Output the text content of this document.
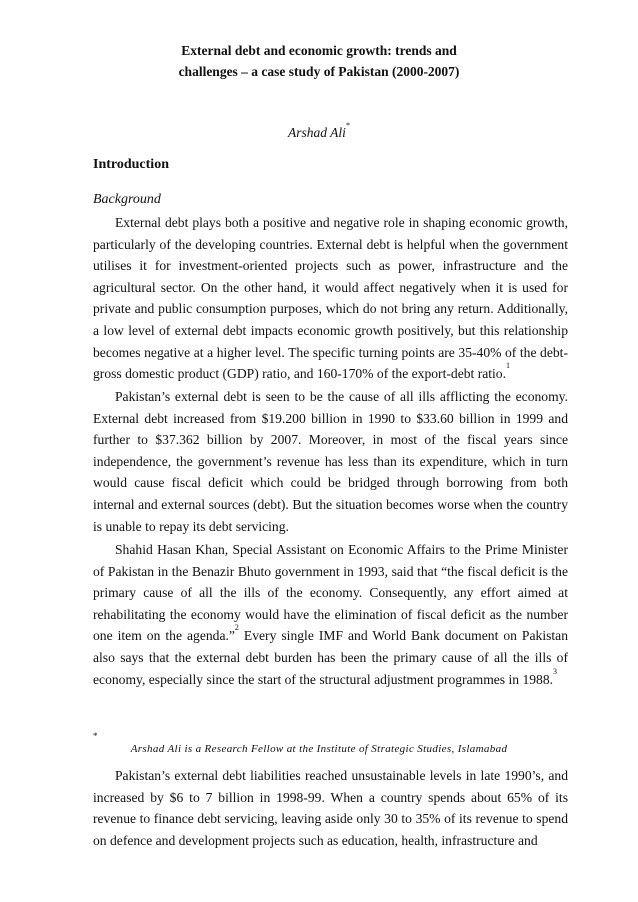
External debt and economic growth: trends and
challenges – a case study of Pakistan (2000-2007)
Arshad Ali*
Introduction
Background

External debt plays both a positive and negative role in shaping economic growth, particularly of the developing countries. External debt is helpful when the government utilises it for investment-oriented projects such as power, infrastructure and the agricultural sector. On the other hand, it would affect negatively when it is used for private and public consumption purposes, which do not bring any return. Additionally, a low level of external debt impacts economic growth positively, but this relationship becomes negative at a higher level. The specific turning points are 35-40% of the debt-gross domestic product (GDP) ratio, and 160-170% of the export-debt ratio.$^1$

Pakistan’s external debt is seen to be the cause of all ills afflicting the economy. External debt increased from $19.200 billion in 1990 to $33.60 billion in 1999 and further to $37.362 billion by 2007. Moreover, in most of the fiscal years since independence, the government’s revenue has less than its expenditure, which in turn would cause fiscal deficit which could be bridged through borrowing from both internal and external sources (debt). But the situation becomes worse when the country is unable to repay its debt servicing.

Shahid Hasan Khan, Special Assistant on Economic Affairs to the Prime Minister of Pakistan in the Benazir Bhuto government in 1993, said that “the fiscal deficit is the primary cause of all the ills of the economy. Consequently, any effort aimed at rehabilitating the economy would have the elimination of fiscal deficit as the number one item on the agenda.”$^2$ Every single IMF and World Bank document on Pakistan also says that the external debt burden has been the primary cause of all the ills of economy, especially since the start of the structural adjustment programmes in 1988.$^3$

*
Arshad Ali is a Research Fellow at the Institute of Strategic Studies, Islamabad

Pakistan’s external debt liabilities reached unsustainable levels in late 1990’s, and increased by $6 to 7 billion in 1998-99. When a country spends about 65% of its revenue to finance debt servicing, leaving aside only 30 to 35% of its revenue to spend on defence and development projects such as education, health, infrastructure and
